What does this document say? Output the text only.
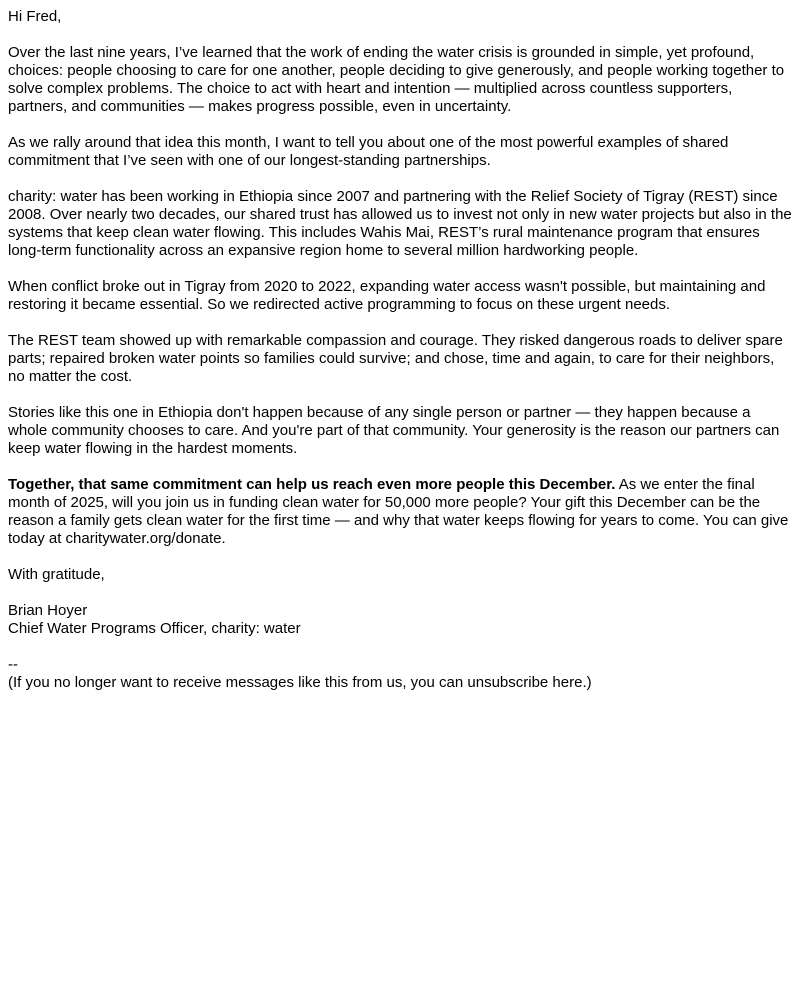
Hi Fred,

Over the last nine years, I’ve learned that the work of ending the water crisis is grounded in simple, yet profound, choices: people choosing to care for one another, people deciding to give generously, and people working together to solve complex problems. The choice to act with heart and intention — multiplied across countless supporters, partners, and communities — makes progress possible, even in uncertainty.

As we rally around that idea this month, I want to tell you about one of the most powerful examples of shared commitment that I’ve seen with one of our longest-standing partnerships.

charity: water has been working in Ethiopia since 2007 and partnering with the Relief Society of Tigray (REST) since 2008. Over nearly two decades, our shared trust has allowed us to invest not only in new water projects but also in the systems that keep clean water flowing. This includes Wahis Mai, REST’s rural maintenance program that ensures long-term functionality across an expansive region home to several million hardworking people.

When conflict broke out in Tigray from 2020 to 2022, expanding water access wasn't possible, but maintaining and restoring it became essential. So we redirected active programming to focus on these urgent needs.

The REST team showed up with remarkable compassion and courage. They risked dangerous roads to deliver spare parts; repaired broken water points so families could survive; and chose, time and again, to care for their neighbors, no matter the cost.

Stories like this one in Ethiopia don't happen because of any single person or partner — they happen because a whole community chooses to care. And you're part of that community. Your generosity is the reason our partners can keep water flowing in the hardest moments.

Together, that same commitment can help us reach even more people this December. As we enter the final month of 2025, will you join us in funding clean water for 50,000 more people? Your gift this December can be the reason a family gets clean water for the first time — and why that water keeps flowing for years to come. You can give today at charitywater.org/donate.

With gratitude,

Brian Hoyer
Chief Water Programs Officer, charity: water

--
(If you no longer want to receive messages like this from us, you can unsubscribe here.)
